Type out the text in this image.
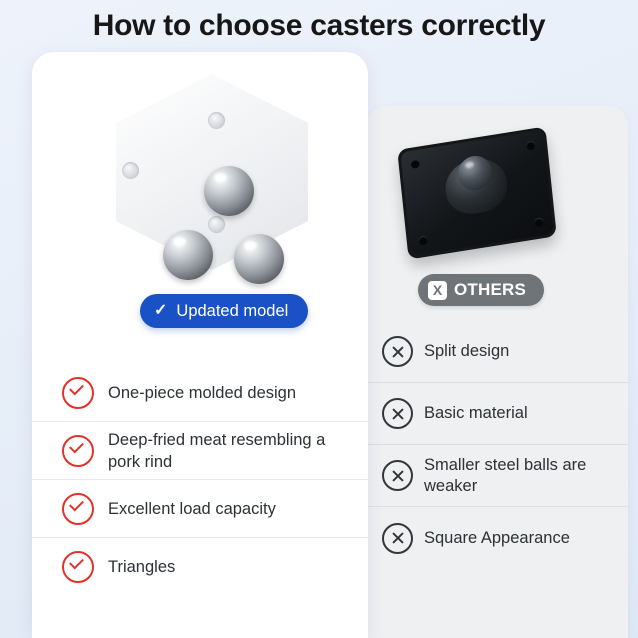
How to choose casters correctly
X OTHERS
Split design
Basic material
Smaller steel balls are weaker
Square Appearance
✓ Updated model
One-piece molded design
Deep-fried meat resembling a pork rind
Excellent load capacity
Triangles
